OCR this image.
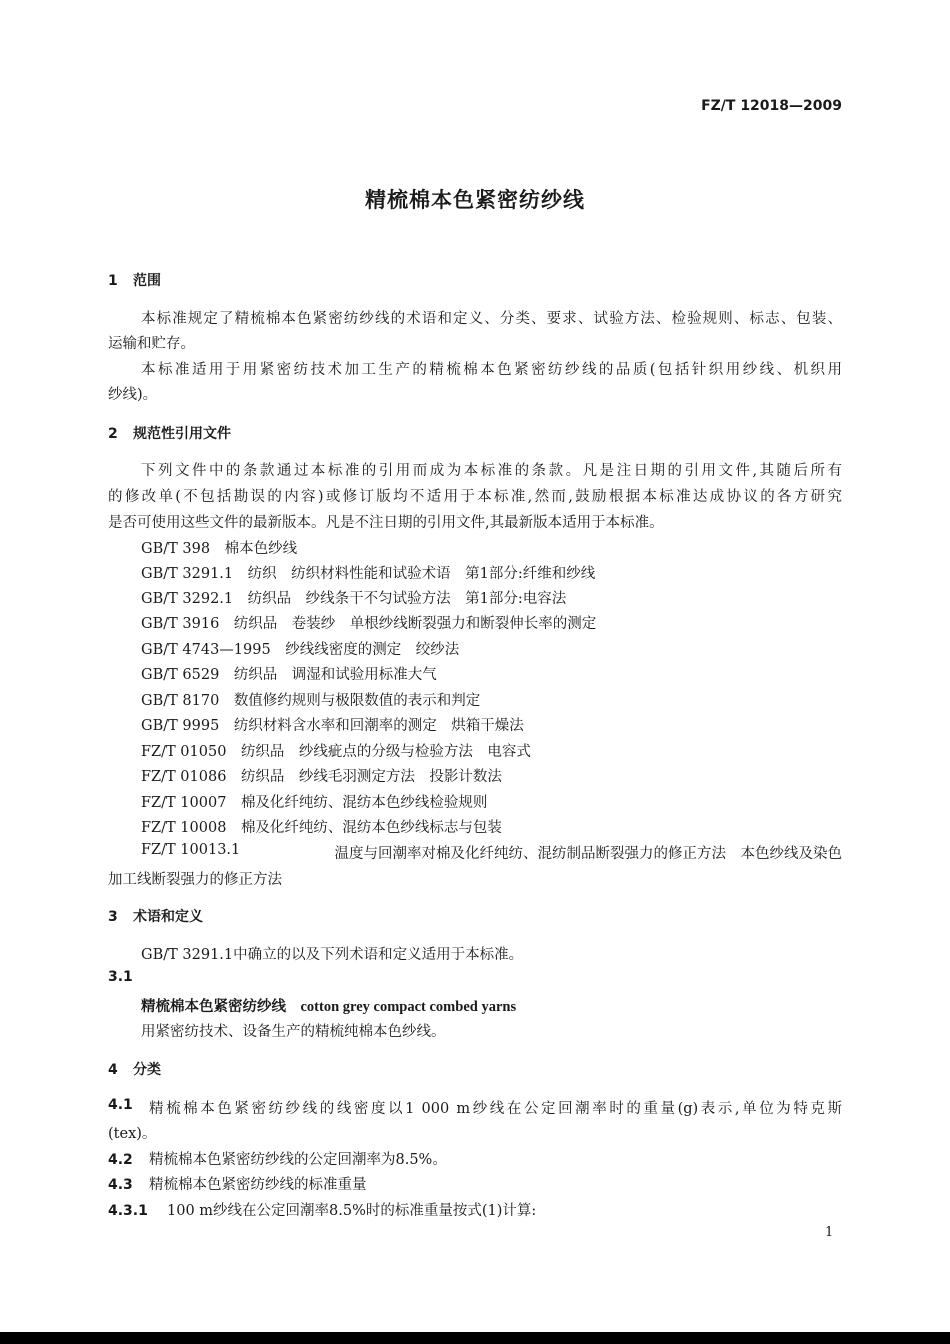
FZ/T 12018—2009
精梳棉本色紧密纺纱线
1 范围
本标准规定了精梳棉本色紧密纺纱线的术语和定义、分类、要求、试验方法、检验规则、标志、包装、
运输和贮存。
本标准适用于用紧密纺技术加工生产的精梳棉本色紧密纺纱线的品质(包括针织用纱线、机织用
纱线)。
2 规范性引用文件
下列文件中的条款通过本标准的引用而成为本标准的条款。凡是注日期的引用文件,其随后所有
的修改单(不包括勘误的内容)或修订版均不适用于本标准,然而,鼓励根据本标准达成协议的各方研究
是否可使用这些文件的最新版本。凡是不注日期的引用文件,其最新版本适用于本标准。
GB/T 398　 棉本色纱线
GB/T 3291.1　 纺织　纺织材料性能和试验术语　第1部分:纤维和纱线
GB/T 3292.1　 纺织品　纱线条干不匀试验方法　第1部分:电容法
GB/T 3916　 纺织品　卷装纱　单根纱线断裂强力和断裂伸长率的测定
GB/T 4743—1995　 纱线线密度的测定　绞纱法
GB/T 6529　 纺织品　调湿和试验用标准大气
GB/T 8170　 数值修约规则与极限数值的表示和判定
GB/T 9995　 纺织材料含水率和回潮率的测定　烘箱干燥法
FZ/T 01050　 纺织品　纱线疵点的分级与检验方法　电容式
FZ/T 01086　 纺织品　纱线毛羽测定方法　投影计数法
FZ/T 10007　 棉及化纤纯纺、混纺本色纱线检验规则
FZ/T 10008　 棉及化纤纯纺、混纺本色纱线标志与包装
FZ/T 10013.1	温度与回潮率对棉及化纤纯纺、混纺制品断裂强力的修正方法　本色纱线及染色
加工线断裂强力的修正方法
3 术语和定义
GB/T 3291.1中确立的以及下列术语和定义适用于本标准。
3.1
精梳棉本色紧密纺纱线　 cotton grey compact combed yarns
用紧密纺技术、设备生产的精梳纯棉本色纱线。
4 分类
4.1	精梳棉本色紧密纺纱线的线密度以1 000 m纱线在公定回潮率时的重量(g)表示,单位为特克斯
(tex)。
4.2 精梳棉本色紧密纺纱线的公定回潮率为8.5%。
4.3 精梳棉本色紧密纺纱线的标准重量
4.3.1 100 m纱线在公定回潮率8.5%时的标准重量按式(1)计算:
1
